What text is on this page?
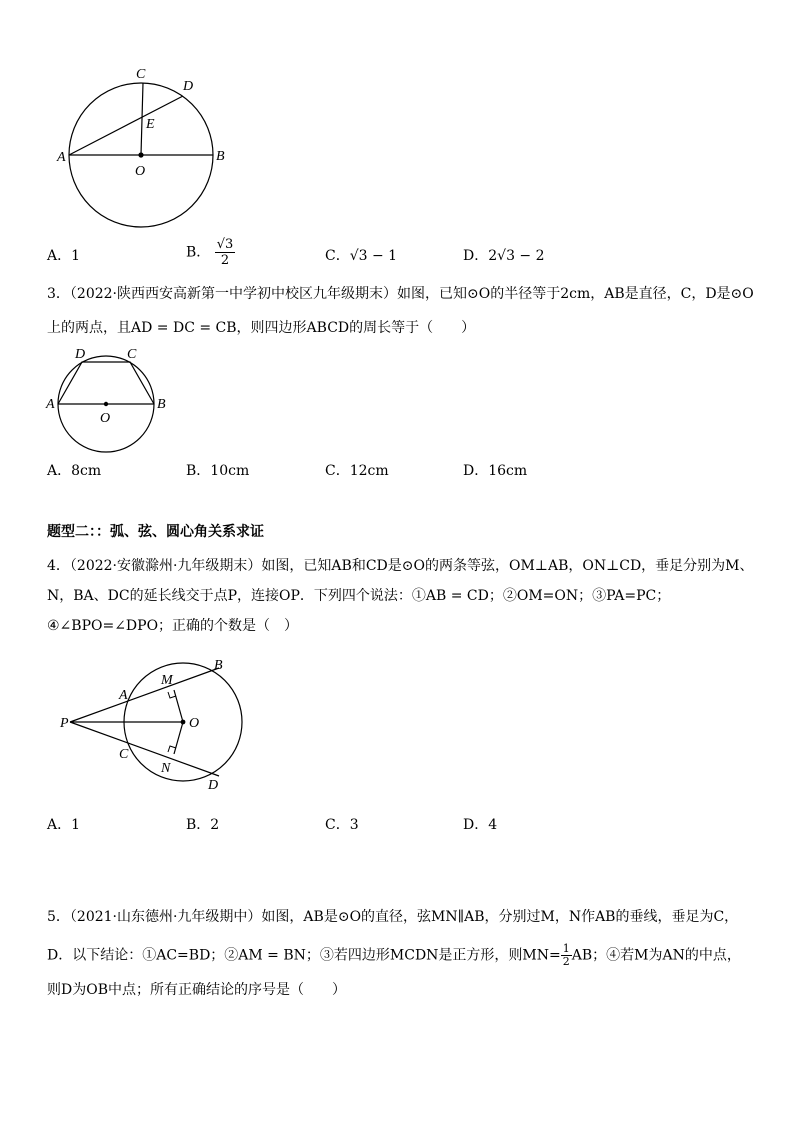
C
D
E
A	B
O
A．1	B． $\frac{√3}{2}$	C．√3 − 1	D．2√3 − 2
3．（2022·陕西西安高新第一中学初中校区九年级期末）如图，已知⊙O的半径等于2cm，AB是直径，C，D是⊙O
上的两点，且AD = DC = CB，则四边形ABCD的周长等于（　　）
D	C
A	B
O
A．8cm	B．10cm	C．12cm	D．16cm
题型二：：弧、弦、圆心角关系求证
4．（2022·安徽滁州·九年级期末）如图，已知AB和CD是⊙O的两条等弦，OM⊥AB，ON⊥CD，垂足分别为M、
N，BA、DC的延长线交于点P，连接OP．下列四个说法：①AB = CD；②OM=ON；③PA=PC；
④∠BPO=∠DPO；正确的个数是（　）
P
A
M
B
O
C
N
D
A．1	B．2	C．3	D．4
5．（2021·山东德州·九年级期中）如图，AB是⊙O的直径，弦MN∥AB，分别过M，N作AB的垂线，垂足为C，
D．以下结论：①AC=BD；②AM = BN；③若四边形MCDN是正方形，则$MN= \frac{1}{2}$ AB；④若M为AN的中点，
则D为OB中点；所有正确结论的序号是（　　）
